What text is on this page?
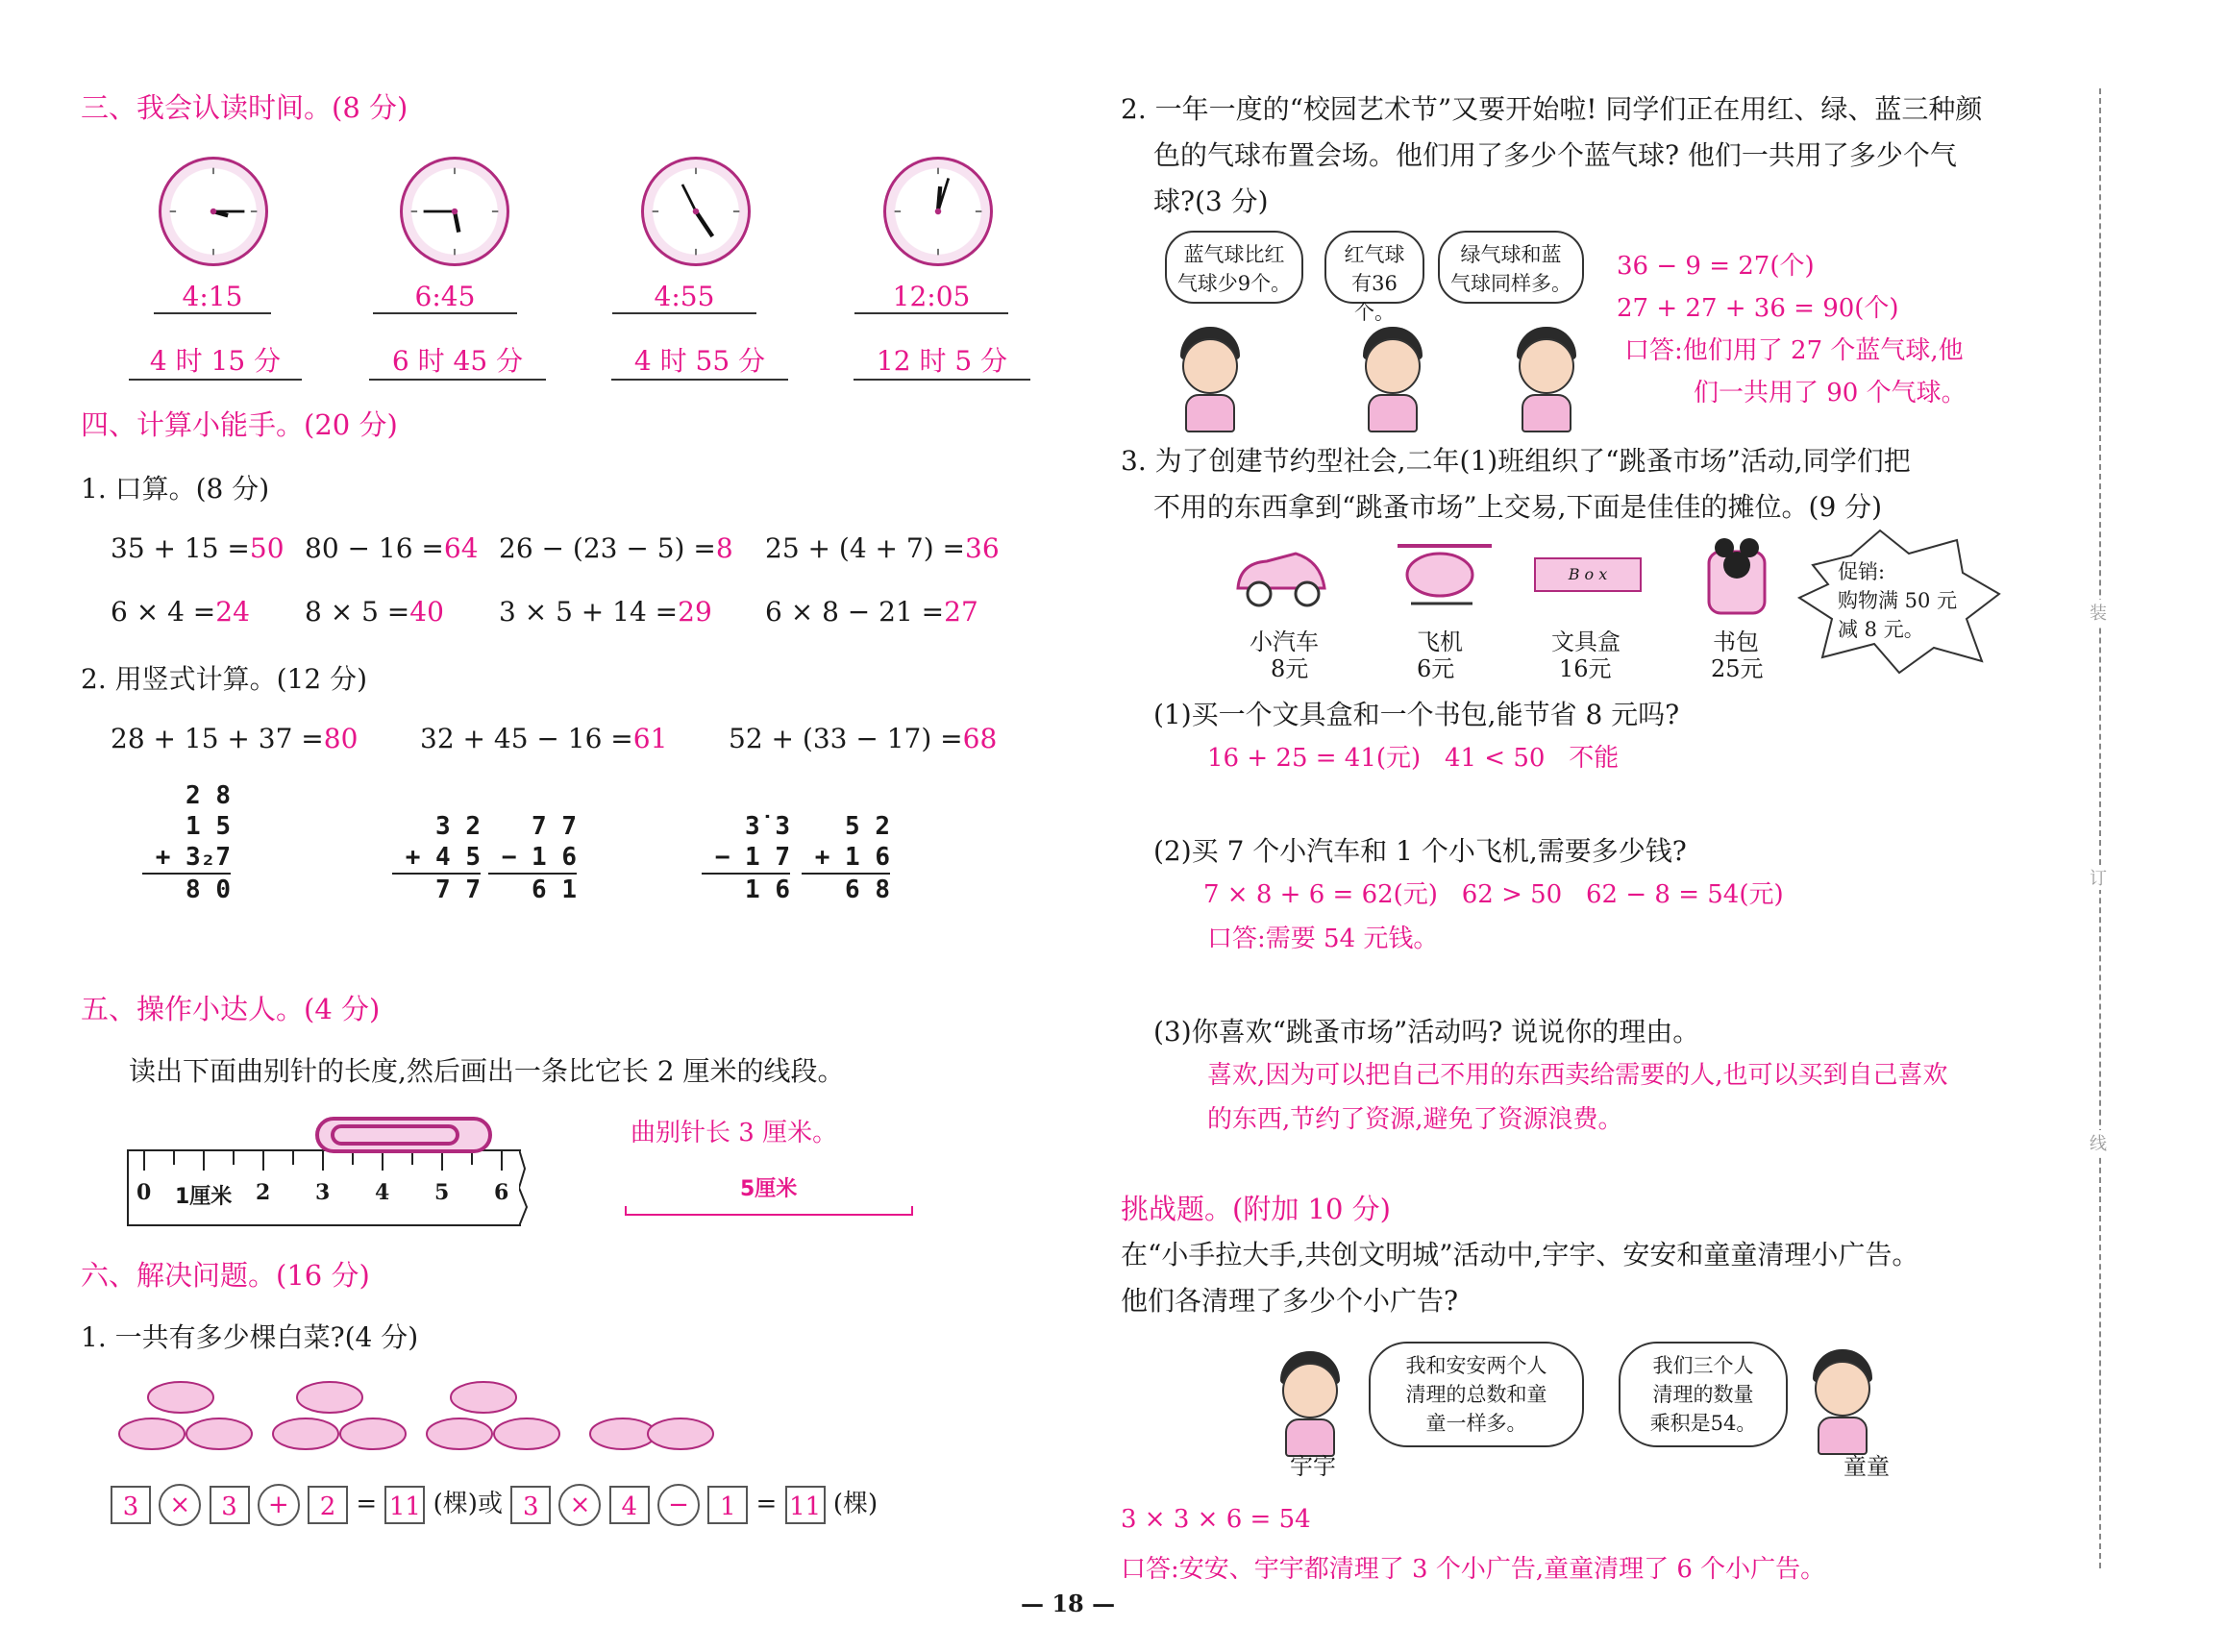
三、我会认读时间。(8 分)
4:15	6:45	4:55	12:05
4 时 15 分	6 时 45 分	4 时 55 分	12 时 5 分
四、计算小能手。(20 分)
1. 口算。(8 分)
35 + 15 =50 80 − 16 =64 26 − (23 − 5) =8 25 + (4 + 7) =36
6 × 4 =24 8 × 5 =40 3 × 5 + 14 =29 6 × 8 − 21 =27
2. 用竖式计算。(12 分)
28 + 15 + 37 =80 32 + 45 − 16 =61 52 + (33 − 17) =68
2 8
1 5
+ 3₂7
8 0
3 2
+ 4 5
7 7
7 7
− 1 6
6 1
3̇ 3
− 1 7
1 6
5 2
+ 1 6
6 8
五、操作小达人。(4 分)
读出下面曲别针的长度,然后画出一条比它长 2 厘米的线段。
0 1厘米 2 3 4 5 6
曲别针长 3 厘米。
5厘米
六、解决问题。(16 分)
1. 一共有多少棵白菜?(4 分)
3 × 3 + 2 = 11 (棵)或 3 × 4 − 1 = 11 (棵)
2. 一年一度的“校园艺术节”又要开始啦! 同学们正在用红、绿、蓝三种颜
色的气球布置会场。他们用了多少个蓝气球? 他们一共用了多少个气
球?(3 分)
蓝气球比红
气球少9个。
红气球
有36个。
绿气球和蓝
气球同样多。
36 − 9 = 27(个)
27 + 27 + 36 = 90(个)
口答:他们用了 27 个蓝气球,他
们一共用了 90 个气球。
3. 为了创建节约型社会,二年(1)班组织了“跳蚤市场”活动,同学们把
不用的东西拿到“跳蚤市场”上交易,下面是佳佳的摊位。(9 分)
B o x
小汽车
8元
飞机
6元
文具盒
16元
书包
25元
促销:
购物满 50 元
减 8 元。
(1)买一个文具盒和一个书包,能节省 8 元吗?
16 + 25 = 41(元)   41 < 50   不能
(2)买 7 个小汽车和 1 个小飞机,需要多少钱?
7 × 8 + 6 = 62(元)   62 > 50   62 − 8 = 54(元)
口答:需要 54 元钱。
(3)你喜欢“跳蚤市场”活动吗? 说说你的理由。
喜欢,因为可以把自己不用的东西卖给需要的人,也可以买到自己喜欢
的东西,节约了资源,避免了资源浪费。
挑战题。(附加 10 分)
在“小手拉大手,共创文明城”活动中,宇宇、安安和童童清理小广告。
他们各清理了多少个小广告?
我和安安两个人
清理的总数和童
童一样多。
我们三个人
清理的数量
乘积是54。
宇宇	童童
3 × 3 × 6 = 54
口答:安安、宇宇都清理了 3 个小广告,童童清理了 6 个小广告。
装
订
线
— 18 —
